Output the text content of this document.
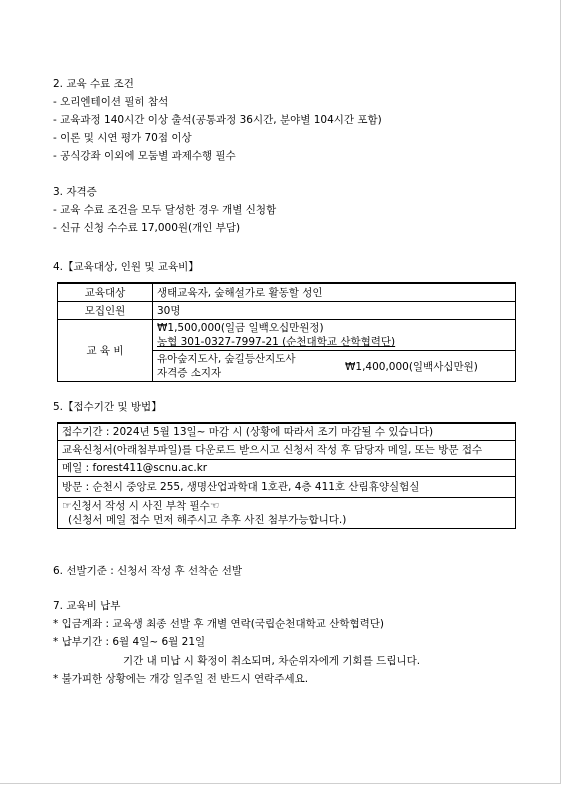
2. 교육 수료 조건
- 오리엔테이션 필히 참석
- 교육과정 140시간 이상 출석(공통과정 36시간, 분야별 104시간 포함)
- 이론 및 시연 평가 70점 이상
- 공식강좌 이외에 모둠별 과제수행 필수
3. 자격증
- 교육 수료 조건을 모두 달성한 경우 개별 신청함
- 신규 신청 수수료 17,000원(개인 부담)
4.【교육대상, 인원 및 교육비】
교육대상	생태교육자, 숲해설가로 활동할 성인
모집인원	30명
교 육 비	₩1,500,000(일금 일백오십만원정)
농협 301-0327-7997-21 (순천대학교 산학협력단)

	유아숲지도사, 숲길등산지도사
자격증 소지자 ₩1,400,000(일백사십만원)
5.【접수기간 및 방법】
접수기간 : 2024년 5월 13일~ 마감 시 (상황에 따라서 조기 마감될 수 있습니다)
교육신청서(아래첨부파일)를 다운로드 받으시고 신청서 작성 후 담당자 메일, 또는 방문 접수
메일 : forest411@scnu.ac.kr
방문 : 순천시 중앙로 255, 생명산업과학대 1호관, 4층 411호 산림휴양실험실

☞신청서 작성 시 사진 부착 필수☜
(신청서 메일 접수 먼저 해주시고 추후 사진 첨부가능합니다.)
6. 선발기준 : 신청서 작성 후 선착순 선발
7. 교육비 납부
* 입금계좌 : 교육생 최종 선발 후 개별 연락(국립순천대학교 산학협력단)
* 납부기간 : 6월 4일~ 6월 21일
기간 내 미납 시 확정이 취소되며, 차순위자에게 기회를 드립니다.
* 불가피한 상황에는 개강 일주일 전 반드시 연락주세요.
